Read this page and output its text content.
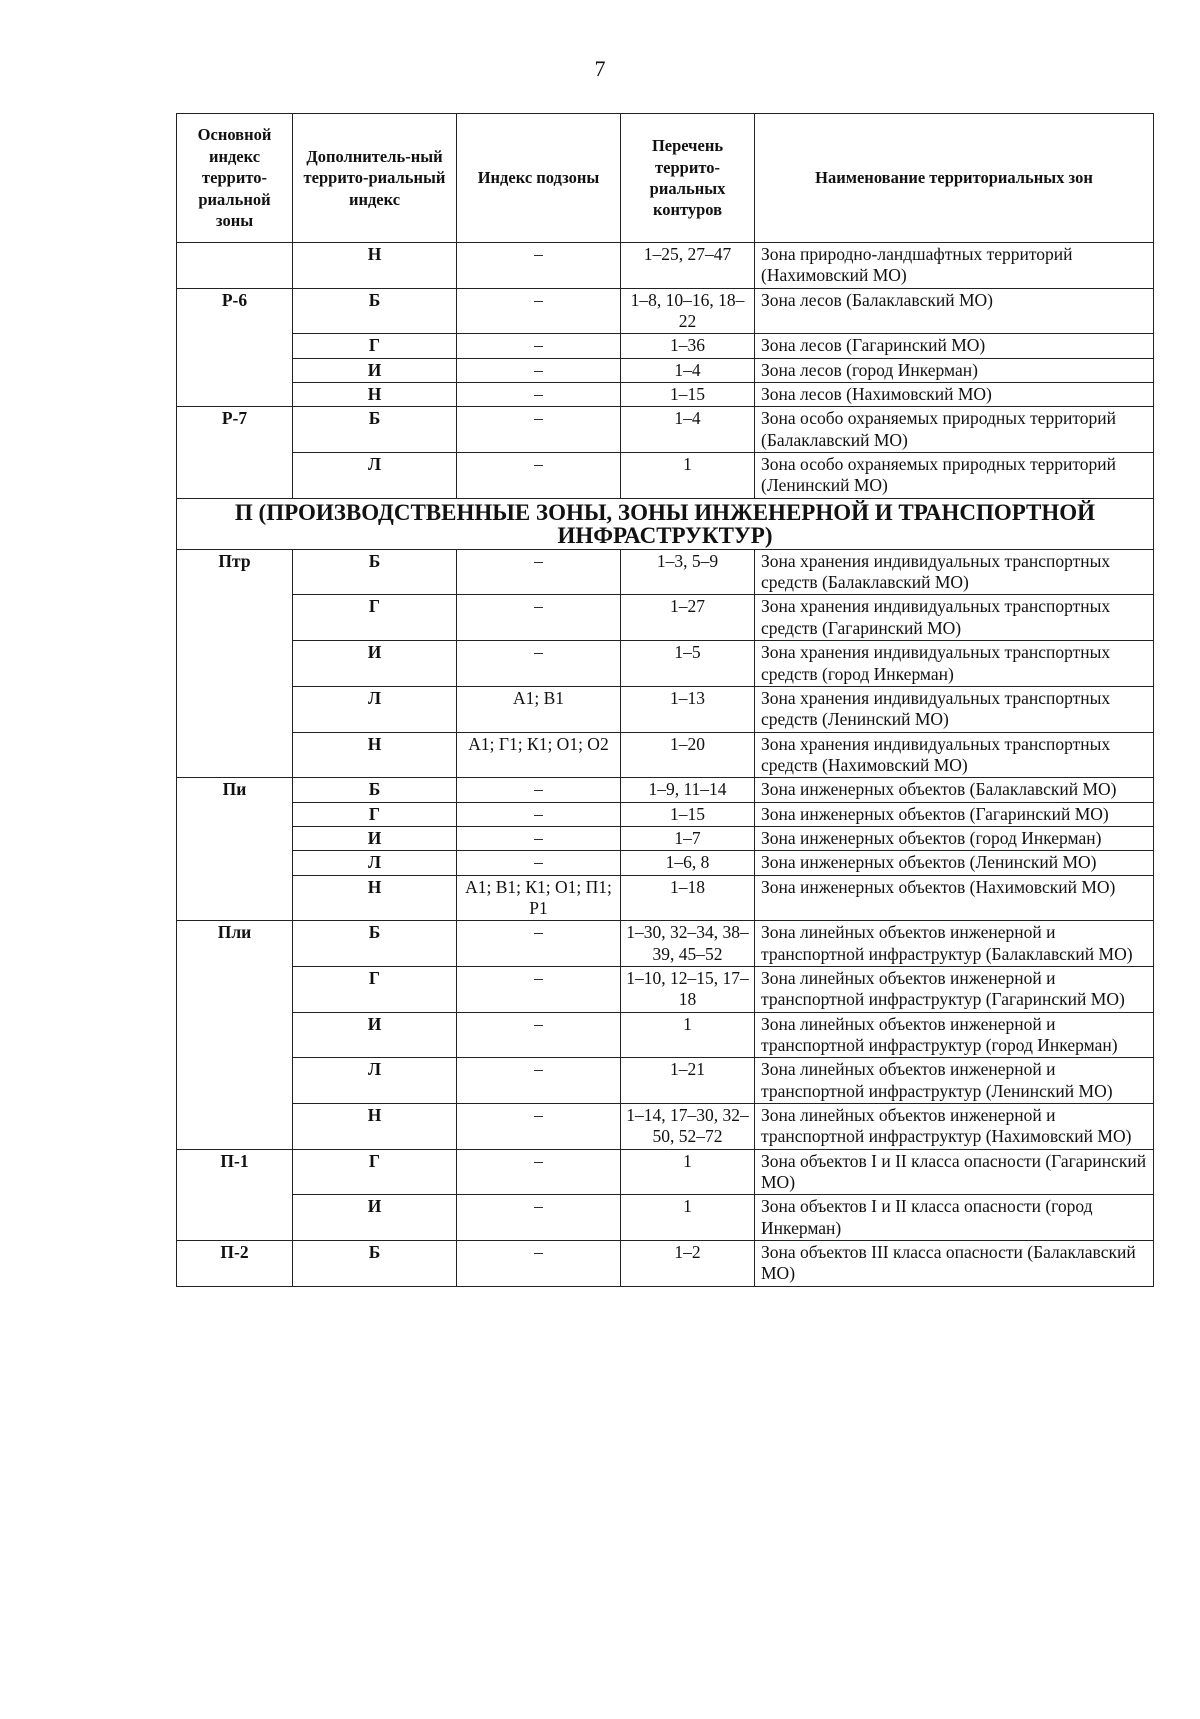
7
Основной индекс террито-риальной зоны	Дополнитель-ный террито-риальный индекс	Индекс подзоны	Перечень террито-риальных контуров	Наименование территориальных зон
	Н	–	1–25, 27–47	Зона природно-ландшафтных территорий (Нахимовский МО)
Р-6	Б	–	1–8, 10–16, 18–22	Зона лесов (Балаклавский МО)
	Г	–	1–36	Зона лесов (Гагаринский МО)
	И	–	1–4	Зона лесов (город Инкерман)
	Н	–	1–15	Зона лесов (Нахимовский МО)
Р-7	Б	–	1–4	Зона особо охраняемых природных территорий (Балаклавский МО)
	Л	–	1	Зона особо охраняемых природных территорий (Ленинский МО)
П (ПРОИЗВОДСТВЕННЫЕ ЗОНЫ, ЗОНЫ ИНЖЕНЕРНОЙ И ТРАНСПОРТНОЙ ИНФРАСТРУКТУР)				
Птр	Б	–	1–3, 5–9	Зона хранения индивидуальных транспортных средств (Балаклавский МО)
	Г	–	1–27	Зона хранения индивидуальных транспортных средств (Гагаринский МО)
	И	–	1–5	Зона хранения индивидуальных транспортных средств (город Инкерман)
	Л	А1; В1	1–13	Зона хранения индивидуальных транспортных средств (Ленинский МО)
	Н	А1; Г1; К1; О1; О2	1–20	Зона хранения индивидуальных транспортных средств (Нахимовский МО)
Пи	Б	–	1–9, 11–14	Зона инженерных объектов (Балаклавский МО)
	Г	–	1–15	Зона инженерных объектов (Гагаринский МО)
	И	–	1–7	Зона инженерных объектов (город Инкерман)
	Л	–	1–6, 8	Зона инженерных объектов (Ленинский МО)
	Н	А1; В1; К1; О1; П1; Р1	1–18	Зона инженерных объектов (Нахимовский МО)
Пли	Б	–	1–30, 32–34, 38–39, 45–52	Зона линейных объектов инженерной и транспортной инфраструктур (Балаклавский МО)
	Г	–	1–10, 12–15, 17–18	Зона линейных объектов инженерной и транспортной инфраструктур (Гагаринский МО)
	И	–	1	Зона линейных объектов инженерной и транспортной инфраструктур (город Инкерман)
	Л	–	1–21	Зона линейных объектов инженерной и транспортной инфраструктур (Ленинский МО)
	Н	–	1–14, 17–30, 32–50, 52–72	Зона линейных объектов инженерной и транспортной инфраструктур (Нахимовский МО)
П-1	Г	–	1	Зона объектов I и II класса опасности (Гагаринский МО)
	И	–	1	Зона объектов I и II класса опасности (город Инкерман)
П-2	Б	–	1–2	Зона объектов III класса опасности (Балаклавский МО)
